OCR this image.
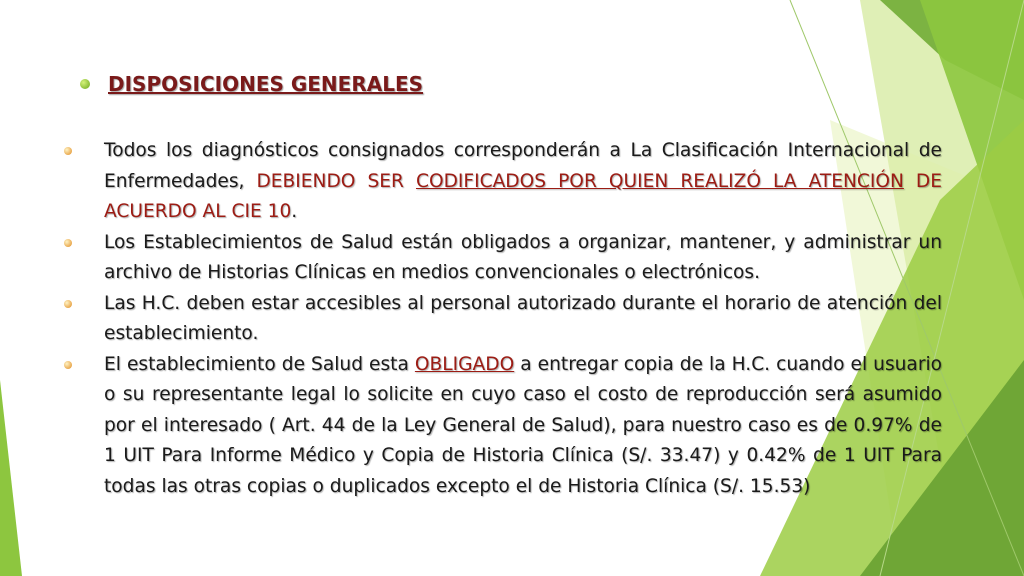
DISPOSICIONES GENERALES
Todos los diagnósticos consignados corresponderán a La Clasificación Internacional de Enfermedades, DEBIENDO SER CODIFICADOS POR QUIEN REALIZÓ LA ATENCIÓN DE ACUERDO AL CIE 10.
Los Establecimientos de Salud están obligados a organizar, mantener, y administrar un archivo de Historias Clínicas en medios convencionales o electrónicos.
Las H.C. deben estar accesibles al personal autorizado durante el horario de atención del establecimiento.
El establecimiento de Salud esta OBLIGADO a entregar copia de la H.C. cuando el usuario o su representante legal lo solicite en cuyo caso el costo de reproducción será asumido por el interesado ( Art. 44 de la Ley General de Salud), para nuestro caso es de 0.97% de 1 UIT Para Informe Médico y Copia de Historia Clínica (S/. 33.47) y 0.42% de 1 UIT Para todas las otras copias o duplicados excepto el de Historia Clínica (S/. 15.53)
